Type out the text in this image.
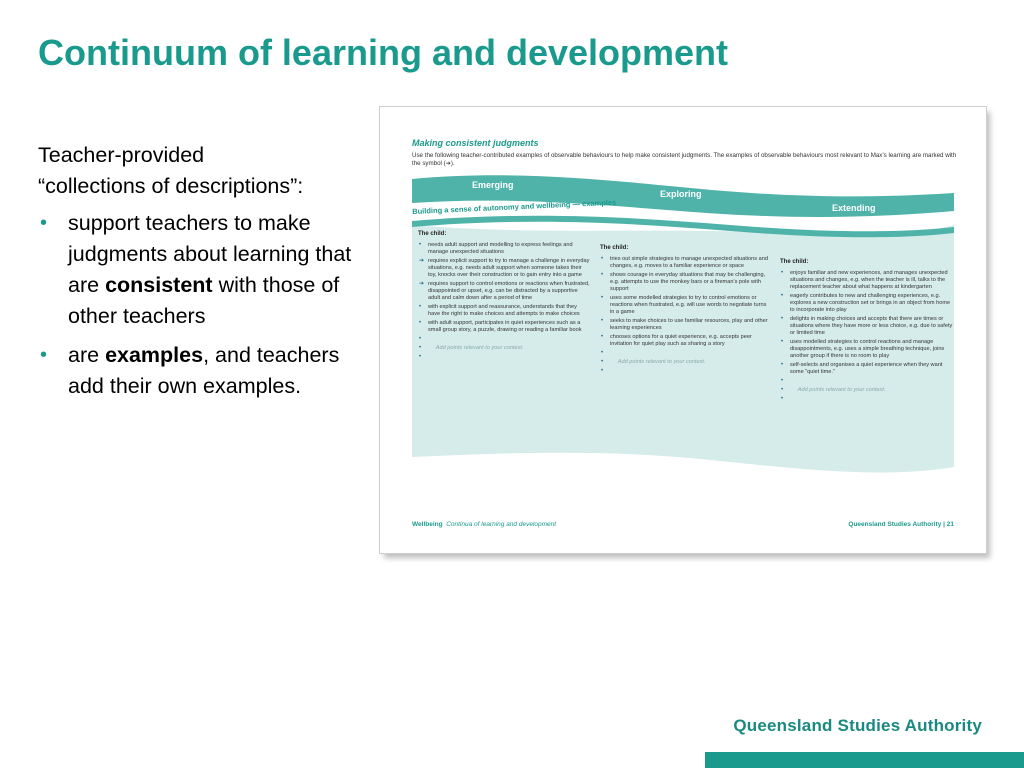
Continuum of learning and development

Teacher-provided
“collections of descriptions”:

• support teachers to make judgments about learning that are consistent with those of other teachers
• are examples, and teachers add their own examples.
Making consistent judgments
Use the following teacher-contributed examples of observable behaviours to help make consistent judgments. The examples of observable behaviours most relevant to Max’s learning are marked with the symbol (➔).
Emerging
Exploring
Extending
Building a sense of autonomy and wellbeing — examples
The child:
• needs adult support and modelling to express feelings and manage unexpected situations
➔ requires explicit support to try to manage a challenge in everyday situations, e.g. needs adult support when someone takes their toy, knocks over their construction or to gain entry into a game
➔ requires support to control emotions or reactions when frustrated, disappointed or upset, e.g. can be distracted by a supportive adult and calm down after a period of time
• with explicit support and reassurance, understands that they have the right to make choices and attempts to make choices
• with adult support, participates in quiet experiences such as a small group story, a puzzle, drawing or reading a familiar book
•

•	Add points relevant to your context.
•

The child:
• tries out simple strategies to manage unexpected situations and changes, e.g. moves to a familiar experience or space
• shows courage in everyday situations that may be challenging, e.g. attempts to use the monkey bars or a fireman’s pole with support
• uses some modelled strategies to try to control emotions or reactions when frustrated, e.g. will use words to negotiate turns in a game
• seeks to make choices to use familiar resources, play and other learning experiences
• chooses options for a quiet experience, e.g. accepts peer invitation for quiet play such as sharing a story
•

•	Add points relevant to your context.
•

The child:
• enjoys familiar and new experiences, and manages unexpected situations and changes, e.g. when the teacher is ill, talks to the replacement teacher about what happens at kindergarten
• eagerly contributes to new and challenging experiences, e.g. explores a new construction set or brings in an object from home to incorporate into play
• delights in making choices and accepts that there are times or situations where they have more or less choice, e.g. due to safety or limited time
• uses modelled strategies to control reactions and manage disappointments, e.g. uses a simple breathing technique, joins another group if there is no room to play
• self-selects and organises a quiet experience when they want some “quiet time.”
•

•	Add points relevant to your context.
•

Wellbeing Continua of learning and development	Queensland Studies Authority | 21
Queensland Studies Authority
